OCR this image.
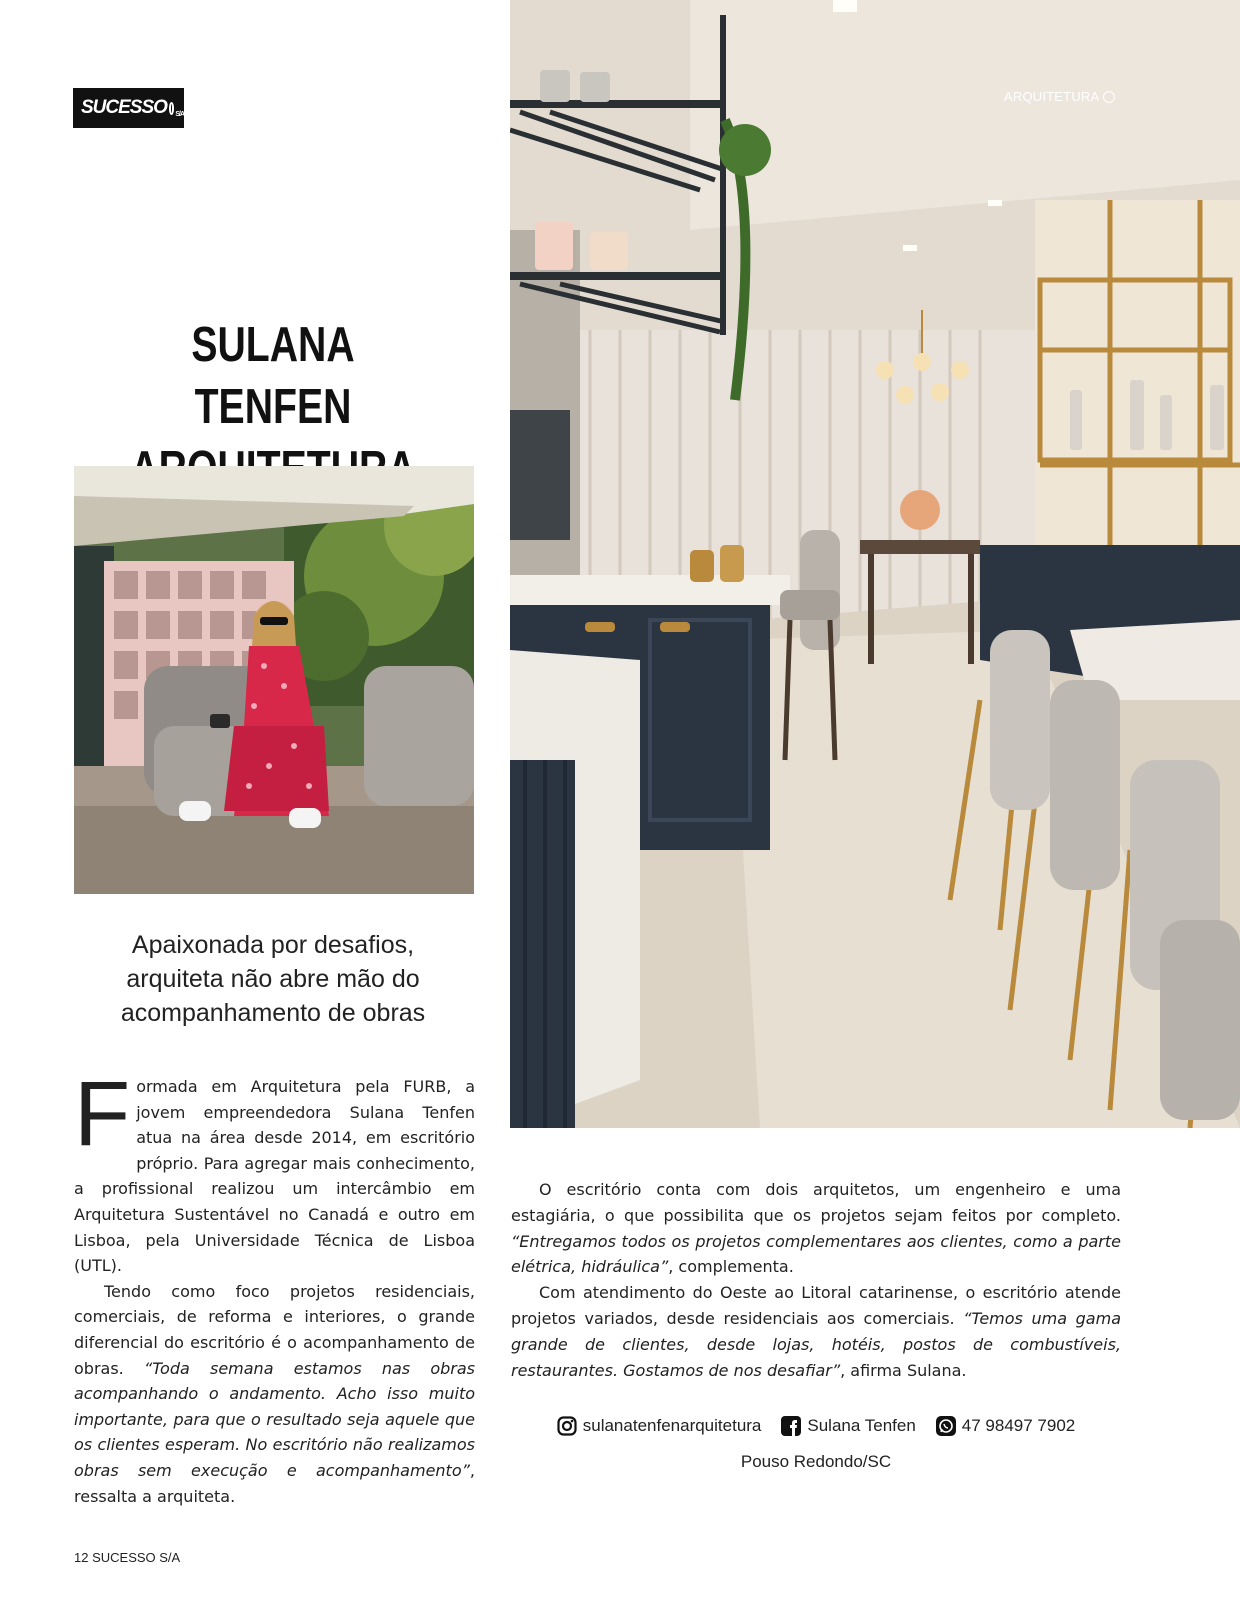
SUCESSO S/A
SULANA TENFEN
Apaixonada por desafios,
arquiteta não abre mão do
acompanhamento de obras

Formada em Arquitetura pela FURB, a jovem empreendedora Sulana Tenfen atua na área desde 2014, em escritório próprio. Para agregar mais conhecimento, a profissional realizou um intercâmbio em Arquitetura Sustentável no Canadá e outro em Lisboa, pela Universidade Técnica de Lisboa (UTL).

Tendo como foco projetos residenciais, comerciais, de reforma e interiores, o grande diferencial do escritório é o acompanhamento de obras. “Toda semana estamos nas obras acompanhando o andamento. Acho isso muito importante, para que o resultado seja aquele que os clientes esperam. No escritório não realizamos obras sem execução e acompanhamento”, ressalta a arquiteta.

ARQUITETURA

O escritório conta com dois arquitetos, um engenheiro e uma estagiária, o que possibilita que os projetos sejam feitos por completo. “Entregamos todos os projetos complementares aos clientes, como a parte elétrica, hidráulica”, complementa.

Com atendimento do Oeste ao Litoral catarinense, o escritório atende projetos variados, desde residenciais aos comerciais. “Temos uma gama grande de clientes, desde lojas, hotéis, postos de combustíveis, restaurantes. Gostamos de nos desafiar”, afirma Sulana.

sulanatenfenarquitetura	Sulana Tenfen	47 98497 7902
Pouso Redondo/SC
12 SUCESSO S/A
